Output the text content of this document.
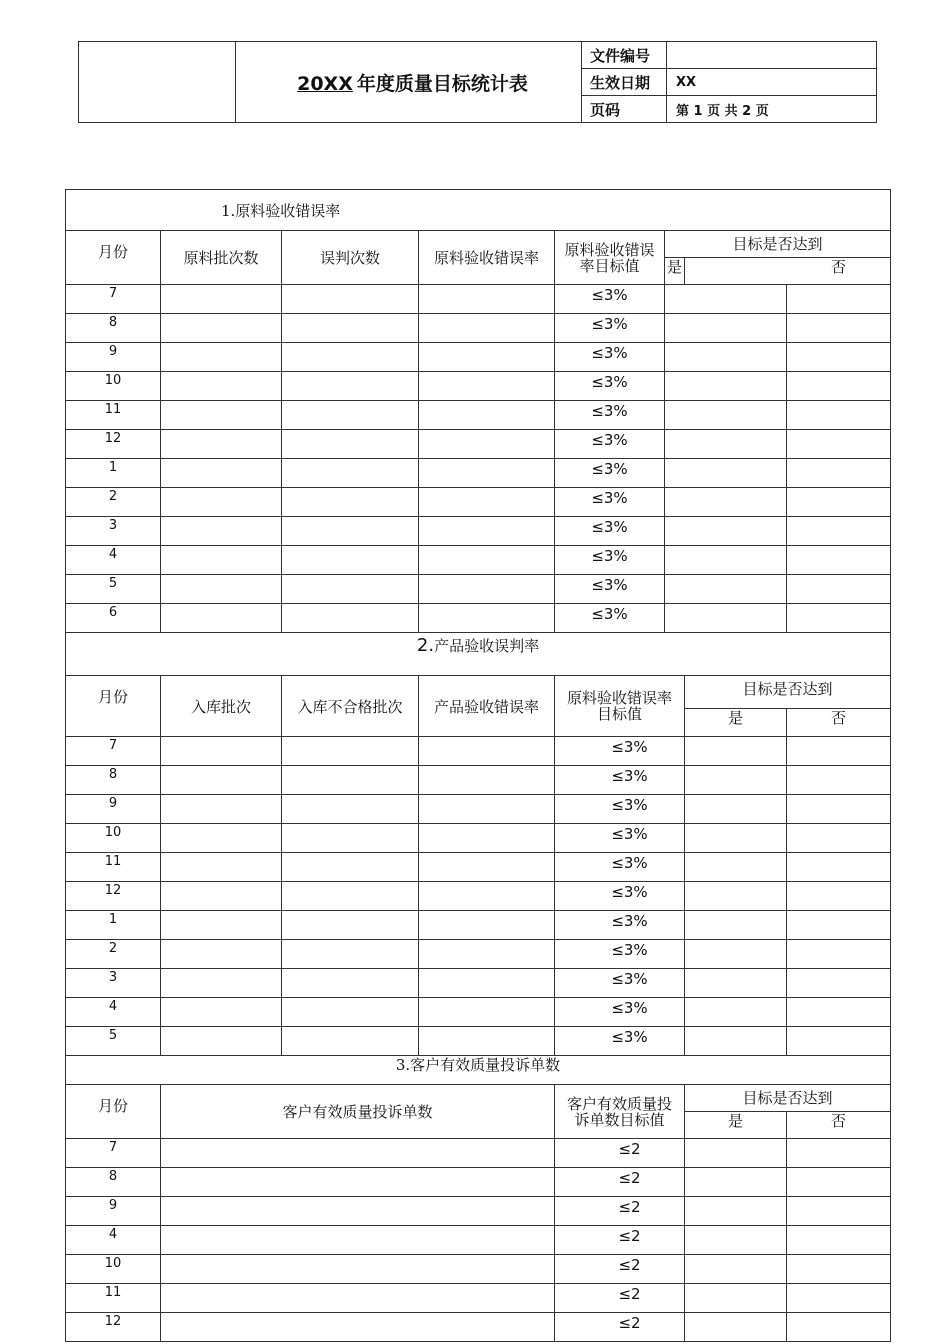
	20XX 年度质量目标统计表	文件编号	
		生效日期	XX
		页码	第 1 页 共 2 页
1.原料验收错误率							
月份	原料批次数	误判次数	原料验收错误率	原料验收错误率目标值	目标是否达到		
					是	否	
7				≤3%			
8				≤3%			
9				≤3%			
10				≤3%			
11				≤3%			
12				≤3%			
1				≤3%			
2				≤3%			
3				≤3%			
4				≤3%			
5				≤3%			
6				≤3%			
2.产品验收误判率							
月份	入库批次	入库不合格批次	产品验收错误率	原料验收错误率目标值		目标是否达到	
						是	否
7				≤3%			
8				≤3%			
9				≤3%			
10				≤3%			
11				≤3%			
12				≤3%			
1				≤3%			
2				≤3%			
3				≤3%			
4				≤3%			
5				≤3%			
3.客户有效质量投诉单数							
月份	客户有效质量投诉单数			客户有效质量投诉单数目标值		目标是否达到	
						是	否
7				≤2			
8				≤2			
9				≤2			
4				≤2			
10				≤2			
11				≤2			
12				≤2			
